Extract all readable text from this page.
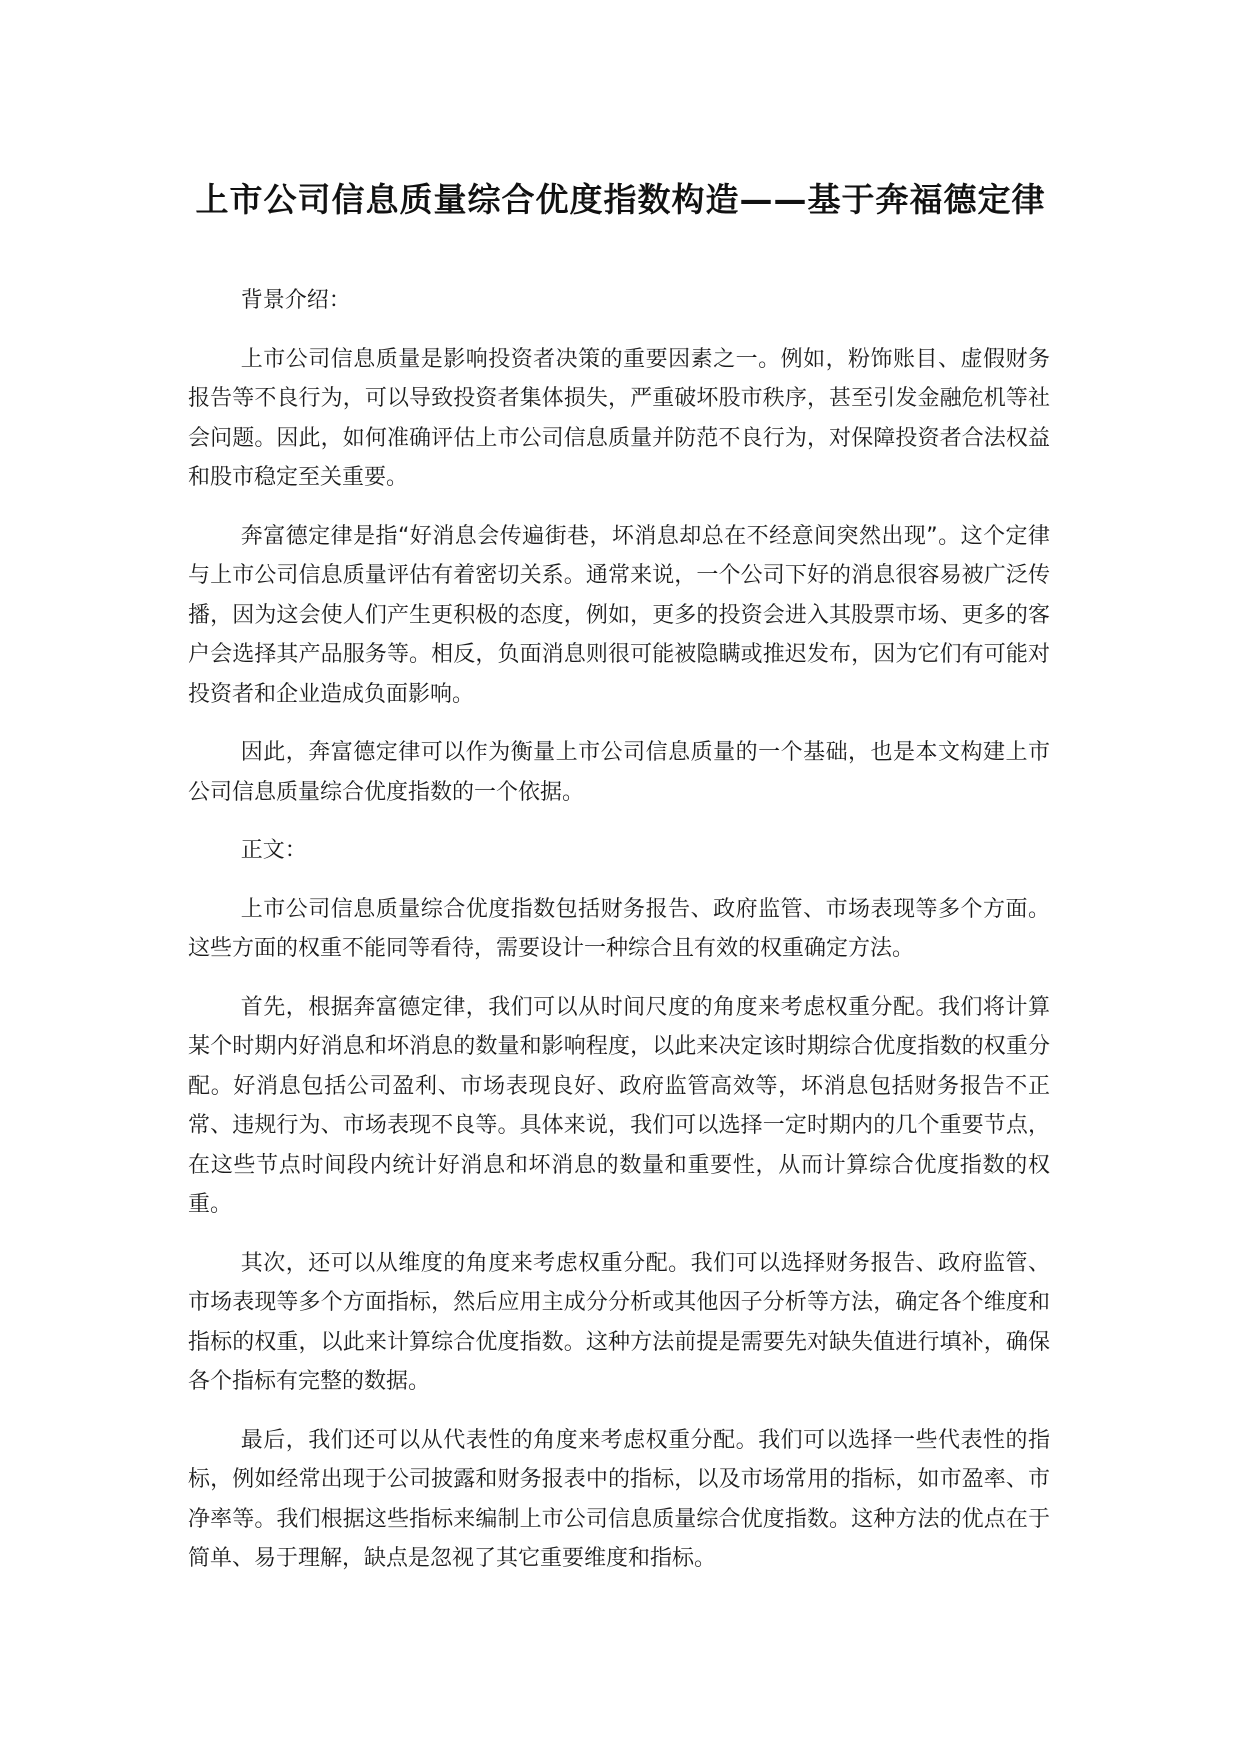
上市公司信息质量综合优度指数构造——基于奔福德定律

背景介绍：

上市公司信息质量是影响投资者决策的重要因素之一。例如，粉饰账目、虚假财务报告等不良行为，可以导致投资者集体损失，严重破坏股市秩序，甚至引发金融危机等社会问题。因此，如何准确评估上市公司信息质量并防范不良行为，对保障投资者合法权益和股市稳定至关重要。

奔富德定律是指“好消息会传遍街巷，坏消息却总在不经意间突然出现”。这个定律与上市公司信息质量评估有着密切关系。通常来说，一个公司下好的消息很容易被广泛传播，因为这会使人们产生更积极的态度，例如，更多的投资会进入其股票市场、更多的客户会选择其产品服务等。相反，负面消息则很可能被隐瞒或推迟发布，因为它们有可能对投资者和企业造成负面影响。

因此，奔富德定律可以作为衡量上市公司信息质量的一个基础，也是本文构建上市公司信息质量综合优度指数的一个依据。

正文：

上市公司信息质量综合优度指数包括财务报告、政府监管、市场表现等多个方面。这些方面的权重不能同等看待，需要设计一种综合且有效的权重确定方法。

首先，根据奔富德定律，我们可以从时间尺度的角度来考虑权重分配。我们将计算某个时期内好消息和坏消息的数量和影响程度，以此来决定该时期综合优度指数的权重分配。好消息包括公司盈利、市场表现良好、政府监管高效等，坏消息包括财务报告不正常、违规行为、市场表现不良等。具体来说，我们可以选择一定时期内的几个重要节点，在这些节点时间段内统计好消息和坏消息的数量和重要性，从而计算综合优度指数的权重。

其次，还可以从维度的角度来考虑权重分配。我们可以选择财务报告、政府监管、市场表现等多个方面指标，然后应用主成分分析或其他因子分析等方法，确定各个维度和指标的权重，以此来计算综合优度指数。这种方法前提是需要先对缺失值进行填补，确保各个指标有完整的数据。

最后，我们还可以从代表性的角度来考虑权重分配。我们可以选择一些代表性的指标，例如经常出现于公司披露和财务报表中的指标，以及市场常用的指标，如市盈率、市净率等。我们根据这些指标来编制上市公司信息质量综合优度指数。这种方法的优点在于简单、易于理解，缺点是忽视了其它重要维度和指标。
